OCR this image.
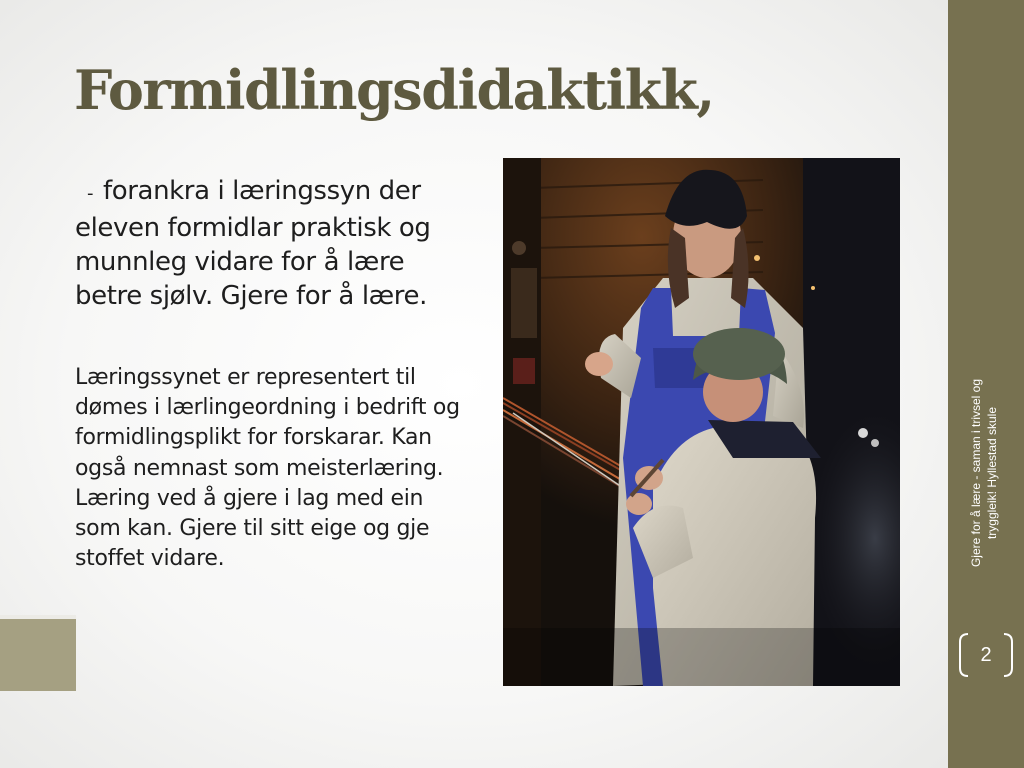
Formidlingsdidaktikk,

- forankra i læringssyn der eleven formidlar praktisk og munnleg vidare for å lære betre sjølv. Gjere for å lære.

Læringssynet er representert til dømes i lærlingeordning i bedrift og formidlingsplikt for forskarar. Kan også nemnast som meisterlæring. Læring ved å gjere i lag med ein som kan. Gjere til sitt eige og gje stoffet vidare.	Gjere for å lære - saman i trivsel og tryggleik! Hyllestad skule
2
